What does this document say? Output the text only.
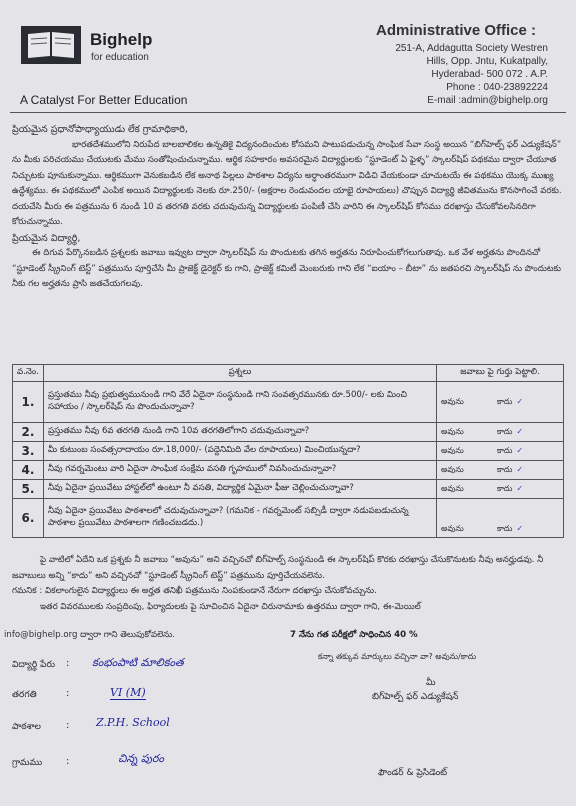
Bighelp
for education
A Catalyst For Better Education
Administrative Office :
251-A, Addagutta Society Westren
Hills, Opp. Jntu, Kukatpally,
Hyderabad- 500 072 . A.P.
Phone : 040-23892224
E-mail :admin@bighelp.org

ప్రియమైన ప్రధానోపాధ్యాయుడు లేక గ్రామాధికారి,

భారతదేశములోని నిరుపేద బాలబాలికల ఉన్నతికై విద్యనందించుట కోసమని పాటుపడుచున్న సాంఘిక సేవా సంస్థ అయిన “బిగ్‌హెల్ప్ ఫర్ ఎడ్యుకేషన్” ను మీకు పరిచయము చేయుటకు మేము సంతోషించుచున్నాము. ఆర్థిక సహకారం అవసరమైన విద్యార్థులకు “స్టూడెంట్ ఏ ఫైళ్ళ” స్కాలర్‌షిప్ పథకము ద్వారా చేయూత నిచ్చుటకు పూనుకున్నాము. ఆర్థికముగా వెనుకబడిన లేక అనాథ పిల్లలు పాఠశాల విద్యను అర్ధాంతరముగా విడిచి వేయకుండా చూచుటయే ఈ పథకము యొక్క ముఖ్య ఉద్దేశ్యము. ఈ పథకములో ఎంపిక అయిన విద్యార్థులకు నెలకు రూ.250/- (అక్షరాల రెండువందల యాభై రూపాయలు) చొప్పున విద్యార్థి జీవితమును కొనసాగించే వరకు. దయచేసి మీరు ఈ పత్రమును 6 నుండి 10 వ తరగతి వరకు చదువుచున్న విద్యార్థులకు పంపిణీ చేసి వారిని ఈ స్కాలర్‌షిప్ కోసము దరఖాస్తు చేసుకోవలసినదిగా కోరుచున్నాము.

ప్రియమైన విద్యార్థి,

ఈ దిగువ పేర్కొనబడిన ప్రశ్నలకు జవాబు ఇవ్వుట ద్వారా స్కాలర్‌షిప్ ను పొందుటకు తగిన అర్హతను నిరూపించుకోగలుగుతావు. ఒక వేళ అర్హతను పొందినచో “స్టూడెంట్ స్క్రీనింగ్ టెస్ట్” పత్రమును పూర్తిచేసి మీ ప్రాజెక్ట్ డైరెక్టర్ కు గాని, ప్రాజెక్ట్ కమిటీ మెంబరుకు గాని లేక “ఐయాం – బీటా” ను జతపరచి స్కాలర్‌షిప్ ను పొందుటకు నీకు గల అర్హతను ప్రాసి జతచేయగలవు.

వ.నెం.	ప్రశ్నలు	జవాబు పై గుర్తు పెట్టాలి.
1.	ప్రస్తుతము నీవు ప్రభుత్వమునుండి గాని వేరే ఏదైనా సంస్థనుండి గాని సంవత్సరమునకు రూ.500/- లకు మించి సహాయం / స్కాలర్‌షిప్ ను పొందుచున్నావా?	అవును కాదు ✓
2.	ప్రస్తుతము నీవు 6వ తరగతి నుండి గాని 10వ తరగతిలోగాని చదువుచున్నావా?	అవును కాదు ✓
3.	మీ కుటుంబ సంవత్సరాదాయం రూ.18,000/- (పద్దెనిమిది వేల రూపాయలు) మించియున్నదా?	అవును కాదు ✓
4.	నీవు గవర్నమెంటు వారి ఏదైనా సాంఘిక సంక్షేమ వసతి గృహములో నివసించుచున్నావా?	అవును కాదు ✓
5.	నీవు ఏదైనా ప్రయివేటు హాస్టల్‌లో ఉంటూ నీ వసతి, విద్యార్థిక ఏమైనా ఫీజు చెల్లించుచున్నావా?	అవును కాదు ✓
6.	నీవు ఏదైనా ప్రయివేటు పాఠశాలలో చదువుచున్నావా? (గమనిక - గవర్నమెంట్ సబ్సిడీ ద్వారా నడుపబడుచున్న పాఠశాల ప్రయివేటు పాఠశాలగా గణించబడదు.)	అవును కాదు ✓

పై వాటిలో ఏదేని ఒక ప్రశ్నకు నీ జవాబు “అవును” అని వచ్చినచో బిగ్‌హెల్ప్ సంస్థనుండి ఈ స్కాలర్‌షిప్ కొరకు దరఖాస్తు చేసుకొనుటకు నీవు అనర్హుడవు. నీ జవాబులు అన్ని “కాదు” అని వచ్చినచో “స్టూడెంట్ స్క్రీనింగ్ టెస్ట్” పత్రమును పూర్తిచేయవలెను.

గమనిక : వికలాంగులైన విద్యార్థులు ఈ అర్హత తనిఖీ పత్రమును నింపకుండానే నేరుగా దరఖాస్తు చేసుకోవచ్చును.

ఇతర వివరములకు సంప్రదింపు, ఫిర్యాదులకు పై సూచించిన ఏదైనా చిరునామాకు ఉత్తరము ద్వారా గాని, ఈ-మెయిల్

info@bighelp.org ద్వారా గాని తెలుపుకోవలెను.	7 నేను గత పరీక్షలో సాధించిన 40 %
కన్నా తక్కువ మార్కులు వచ్చినా వా? అవును/కాదు
విద్యార్థి పేరు : కంభంపాటి మాలికంత
తరగతి	:	VI (M)
పాఠశాల	: Z.P.H. School
గ్రామము :	చిన్న పురం
మీ
బిగ్‌హెల్ప్ ఫర్ ఎడ్యుకేషన్
ఫౌండర్ & ప్రెసిడెంట్
